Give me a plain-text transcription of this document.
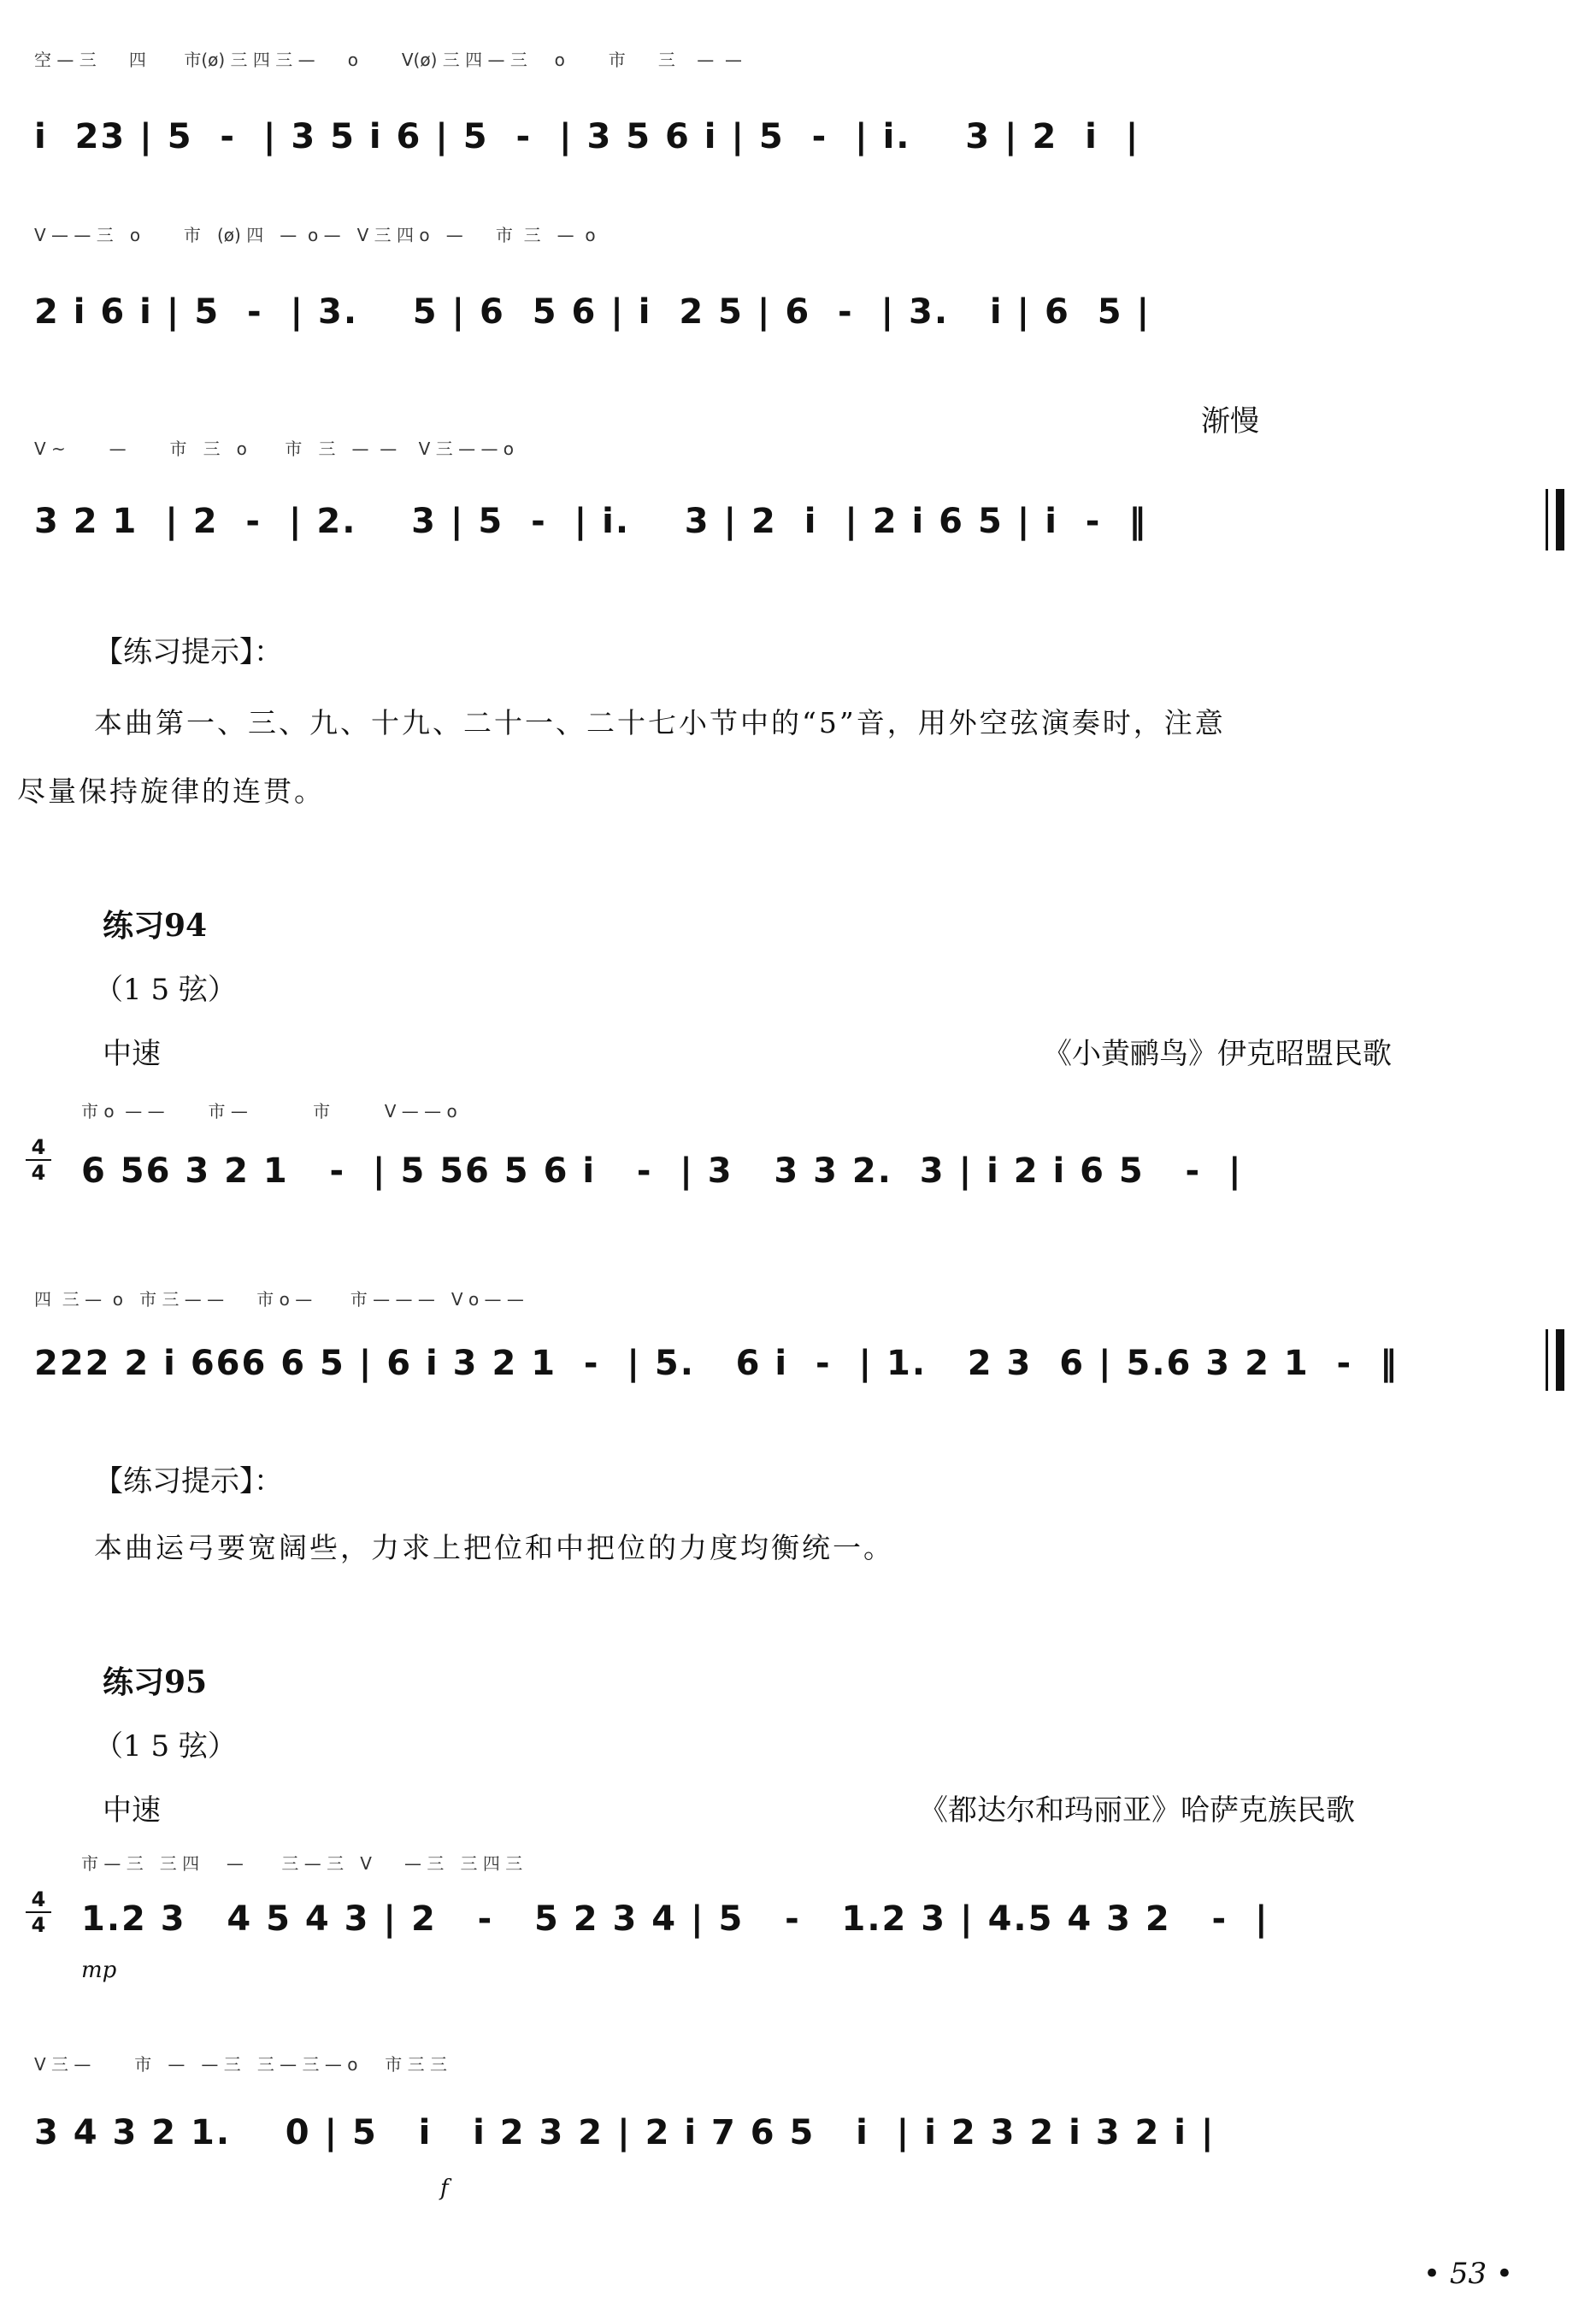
空 — 三      四       市(ø) 三 四 三 —      o        V(ø) 三 四 — 三     o        市      三    —  —
i  23 | 5  -  | 3 5 i 6 | 5  -  | 3 5 6 i | 5  -  | i.    3 | 2  i  |
V — — 三   o        市   (ø) 四   —  o —   V 三 四 o   —      市  三   —  o
2 i 6 i | 5  -  | 3.    5 | 6  5 6 | i  2 5 | 6  -  | 3.   i | 6  5 |
渐慢
V ~        —        市   三   o       市   三   —  —    V 三 — — o
3 2 1  | 2  -  | 2.    3 | 5  -  | i.    3 | 2  i  | 2 i 6 5 | i  -  ‖
【练习提示】：
本曲第一、三、九、十九、二十一、二十七小节中的“5”音，用外空弦演奏时，注意
尽量保持旋律的连贯。
练习94
（1 5 弦）
中速	《小黄鹂鸟》伊克昭盟民歌
4
4
市 o  — —        市 —            市          V — — o
6 56 3 2 1   -  | 5 56 5 6 i   -  | 3   3 3 2.  3 | i 2 i 6 5   -  |
四  三 —  o   市 三 — —      市 o —       市 — — —   V o — —
222 2 i 666 6 5 | 6 i 3 2 1  -  | 5.   6 i  -  | 1.   2 3  6 | 5.6 3 2 1  -  ‖
【练习提示】：
本曲运弓要宽阔些，力求上把位和中把位的力度均衡统一。
练习95
（1 5 弦）
中速	《都达尔和玛丽亚》哈萨克族民歌
4
4
市 — 三   三 四     —       三 — 三   V      — 三   三 四 三
1.2 3   4 5 4 3 | 2   -   5 2 3 4 | 5   -   1.2 3 | 4.5 4 3 2   -  |
mp
V 三 —        市   —   — 三   三 — 三 — o     市 三 三
3 4 3 2 1.    0 | 5   i   i 2 3 2 | 2 i 7 6 5   i  | i 2 3 2 i 3 2 i |
f
• 53 •
